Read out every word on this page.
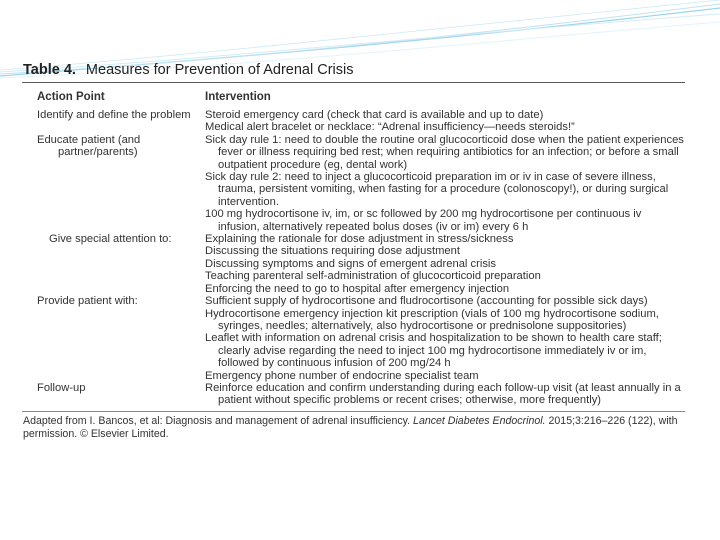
Table 4. Measures for Prevention of Adrenal Crisis
Action Point	Intervention

Identify and define the problem	Steroid emergency card (check that card is available and up to date)
Medical alert bracelet or necklace: “Adrenal insufficiency—needs steroids!”

Educate patient (and partner/parents)	Sick day rule 1: need to double the routine oral glucocorticoid dose when the patient experiences fever or illness requiring bed rest; when requiring antibiotics for an infection; or before a small outpatient procedure (eg, dental work)
Sick day rule 2: need to inject a glucocorticoid preparation im or iv in case of severe illness, trauma, persistent vomiting, when fasting for a procedure (colonoscopy!), or during surgical intervention.
100 mg hydrocortisone iv, im, or sc followed by 200 mg hydrocortisone per continuous iv infusion, alternatively repeated bolus doses (iv or im) every 6 h

Give special attention to:	Explaining the rationale for dose adjustment in stress/sickness
Discussing the situations requiring dose adjustment
Discussing symptoms and signs of emergent adrenal crisis
Teaching parenteral self-administration of glucocorticoid preparation
Enforcing the need to go to hospital after emergency injection

Provide patient with:	Sufficient supply of hydrocortisone and fludrocortisone (accounting for possible sick days)
Hydrocortisone emergency injection kit prescription (vials of 100 mg hydrocortisone sodium, syringes, needles; alternatively, also hydrocortisone or prednisolone suppositories)
Leaflet with information on adrenal crisis and hospitalization to be shown to health care staff; clearly advise regarding the need to inject 100 mg hydrocortisone immediately iv or im, followed by continuous infusion of 200 mg/24 h
Emergency phone number of endocrine specialist team

Follow-up	Reinforce education and confirm understanding during each follow-up visit (at least annually in a patient without specific problems or recent crises; otherwise, more frequently)
Adapted from I. Bancos, et al: Diagnosis and management of adrenal insufficiency. Lancet Diabetes Endocrinol. 2015;3:216–226 (122), with permission. © Elsevier Limited.
